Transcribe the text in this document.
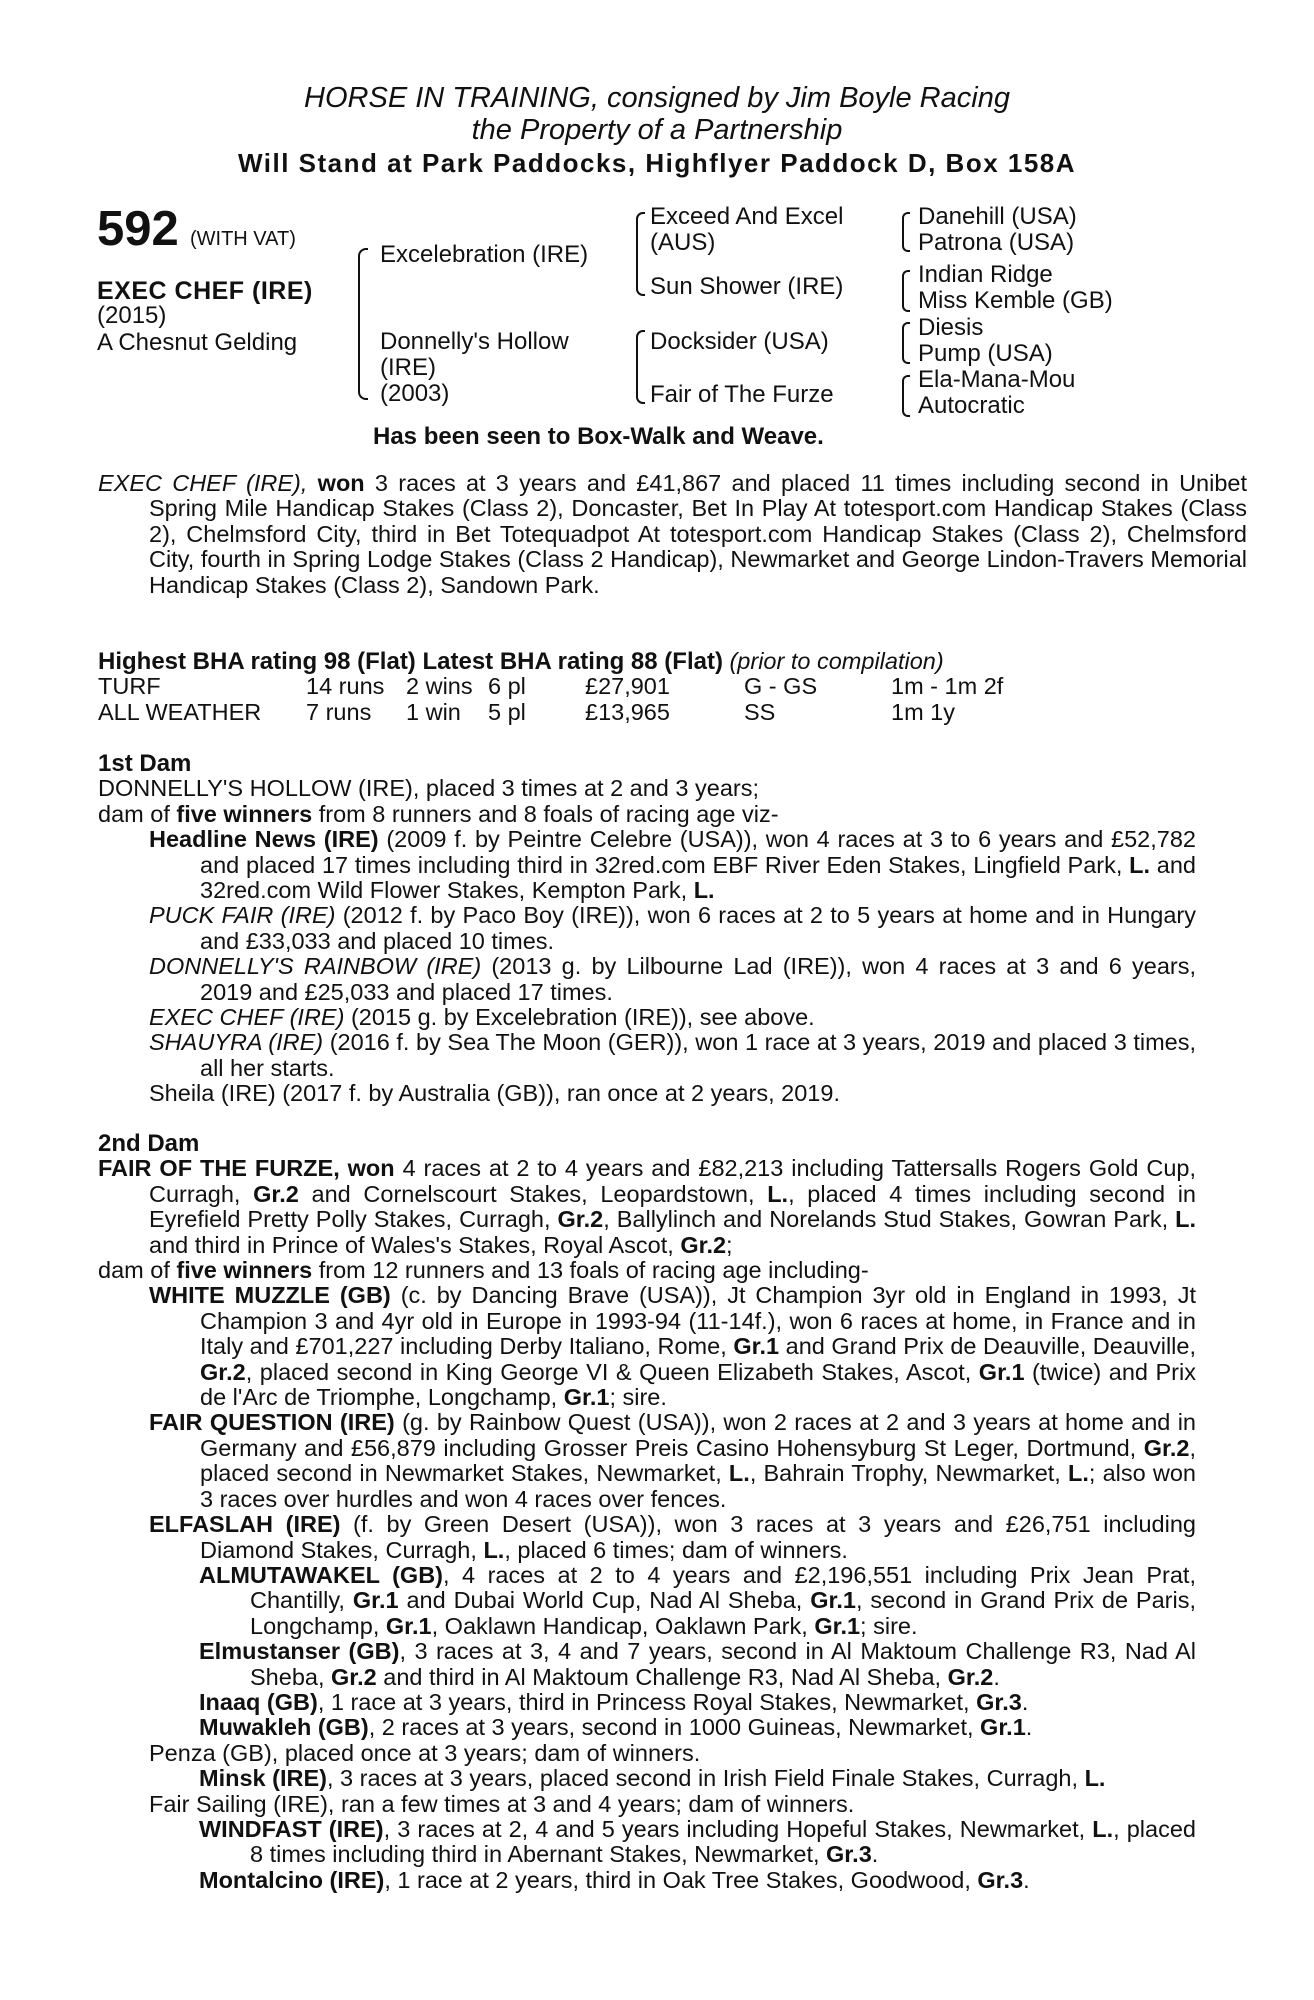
HORSE IN TRAINING, consigned by Jim Boyle Racing
the Property of a Partnership
Will Stand at Park Paddocks, Highflyer Paddock D, Box 158A
592 (WITH VAT)
EXEC CHEF (IRE)
(2015)
A Chesnut Gelding
Excelebration (IRE)
Donnelly's Hollow
(IRE)
(2003)
Exceed And Excel
(AUS)
Sun Shower (IRE)
Docksider (USA)
Fair of The Furze
Danehill (USA)
Patrona (USA)
Indian Ridge
Miss Kemble (GB)
Diesis
Pump (USA)
Ela-Mana-Mou
Autocratic
Has been seen to Box-Walk and Weave.
EXEC CHEF (IRE), won 3 races at 3 years and £41,867 and placed 11 times including second in Unibet Spring Mile Handicap Stakes (Class 2), Doncaster, Bet In Play At totesport.com Handicap Stakes (Class 2), Chelmsford City, third in Bet Totequadpot At totesport.com Handicap Stakes (Class 2), Chelmsford City, fourth in Spring Lodge Stakes (Class 2 Handicap), Newmarket and George Lindon-Travers Memorial Handicap Stakes (Class 2), Sandown Park.
Highest BHA rating 98 (Flat) Latest BHA rating 88 (Flat) (prior to compilation)
TURF	14 runs	2 wins	6 pl	£27,901	G - GS	1m - 1m 2f
ALL WEATHER	7 runs	1 win	5 pl	£13,965	SS	1m 1y
1st Dam
DONNELLY'S HOLLOW (IRE), placed 3 times at 2 and 3 years;
dam of five winners from 8 runners and 8 foals of racing age viz-
Headline News (IRE) (2009 f. by Peintre Celebre (USA)), won 4 races at 3 to 6 years and £52,782 and placed 17 times including third in 32red.com EBF River Eden Stakes, Lingfield Park, L. and 32red.com Wild Flower Stakes, Kempton Park, L.
PUCK FAIR (IRE) (2012 f. by Paco Boy (IRE)), won 6 races at 2 to 5 years at home and in Hungary and £33,033 and placed 10 times.
DONNELLY'S RAINBOW (IRE) (2013 g. by Lilbourne Lad (IRE)), won 4 races at 3 and 6 years, 2019 and £25,033 and placed 17 times.
EXEC CHEF (IRE) (2015 g. by Excelebration (IRE)), see above.
SHAUYRA (IRE) (2016 f. by Sea The Moon (GER)), won 1 race at 3 years, 2019 and placed 3 times, all her starts.
Sheila (IRE) (2017 f. by Australia (GB)), ran once at 2 years, 2019.
2nd Dam
FAIR OF THE FURZE, won 4 races at 2 to 4 years and £82,213 including Tattersalls Rogers Gold Cup, Curragh, Gr.2 and Cornelscourt Stakes, Leopardstown, L., placed 4 times including second in Eyrefield Pretty Polly Stakes, Curragh, Gr.2, Ballylinch and Norelands Stud Stakes, Gowran Park, L. and third in Prince of Wales's Stakes, Royal Ascot, Gr.2;
dam of five winners from 12 runners and 13 foals of racing age including-
WHITE MUZZLE (GB) (c. by Dancing Brave (USA)), Jt Champion 3yr old in England in 1993, Jt Champion 3 and 4yr old in Europe in 1993-94 (11-14f.), won 6 races at home, in France and in Italy and £701,227 including Derby Italiano, Rome, Gr.1 and Grand Prix de Deauville, Deauville, Gr.2, placed second in King George VI & Queen Elizabeth Stakes, Ascot, Gr.1 (twice) and Prix de l'Arc de Triomphe, Longchamp, Gr.1; sire.
FAIR QUESTION (IRE) (g. by Rainbow Quest (USA)), won 2 races at 2 and 3 years at home and in Germany and £56,879 including Grosser Preis Casino Hohensyburg St Leger, Dortmund, Gr.2, placed second in Newmarket Stakes, Newmarket, L., Bahrain Trophy, Newmarket, L.; also won 3 races over hurdles and won 4 races over fences.
ELFASLAH (IRE) (f. by Green Desert (USA)), won 3 races at 3 years and £26,751 including Diamond Stakes, Curragh, L., placed 6 times; dam of winners.
ALMUTAWAKEL (GB), 4 races at 2 to 4 years and £2,196,551 including Prix Jean Prat, Chantilly, Gr.1 and Dubai World Cup, Nad Al Sheba, Gr.1, second in Grand Prix de Paris, Longchamp, Gr.1, Oaklawn Handicap, Oaklawn Park, Gr.1; sire.
Elmustanser (GB), 3 races at 3, 4 and 7 years, second in Al Maktoum Challenge R3, Nad Al Sheba, Gr.2 and third in Al Maktoum Challenge R3, Nad Al Sheba, Gr.2.
Inaaq (GB), 1 race at 3 years, third in Princess Royal Stakes, Newmarket, Gr.3.
Muwakleh (GB), 2 races at 3 years, second in 1000 Guineas, Newmarket, Gr.1.
Penza (GB), placed once at 3 years; dam of winners.
Minsk (IRE), 3 races at 3 years, placed second in Irish Field Finale Stakes, Curragh, L.
Fair Sailing (IRE), ran a few times at 3 and 4 years; dam of winners.
WINDFAST (IRE), 3 races at 2, 4 and 5 years including Hopeful Stakes, Newmarket, L., placed 8 times including third in Abernant Stakes, Newmarket, Gr.3.
Montalcino (IRE), 1 race at 2 years, third in Oak Tree Stakes, Goodwood, Gr.3.
